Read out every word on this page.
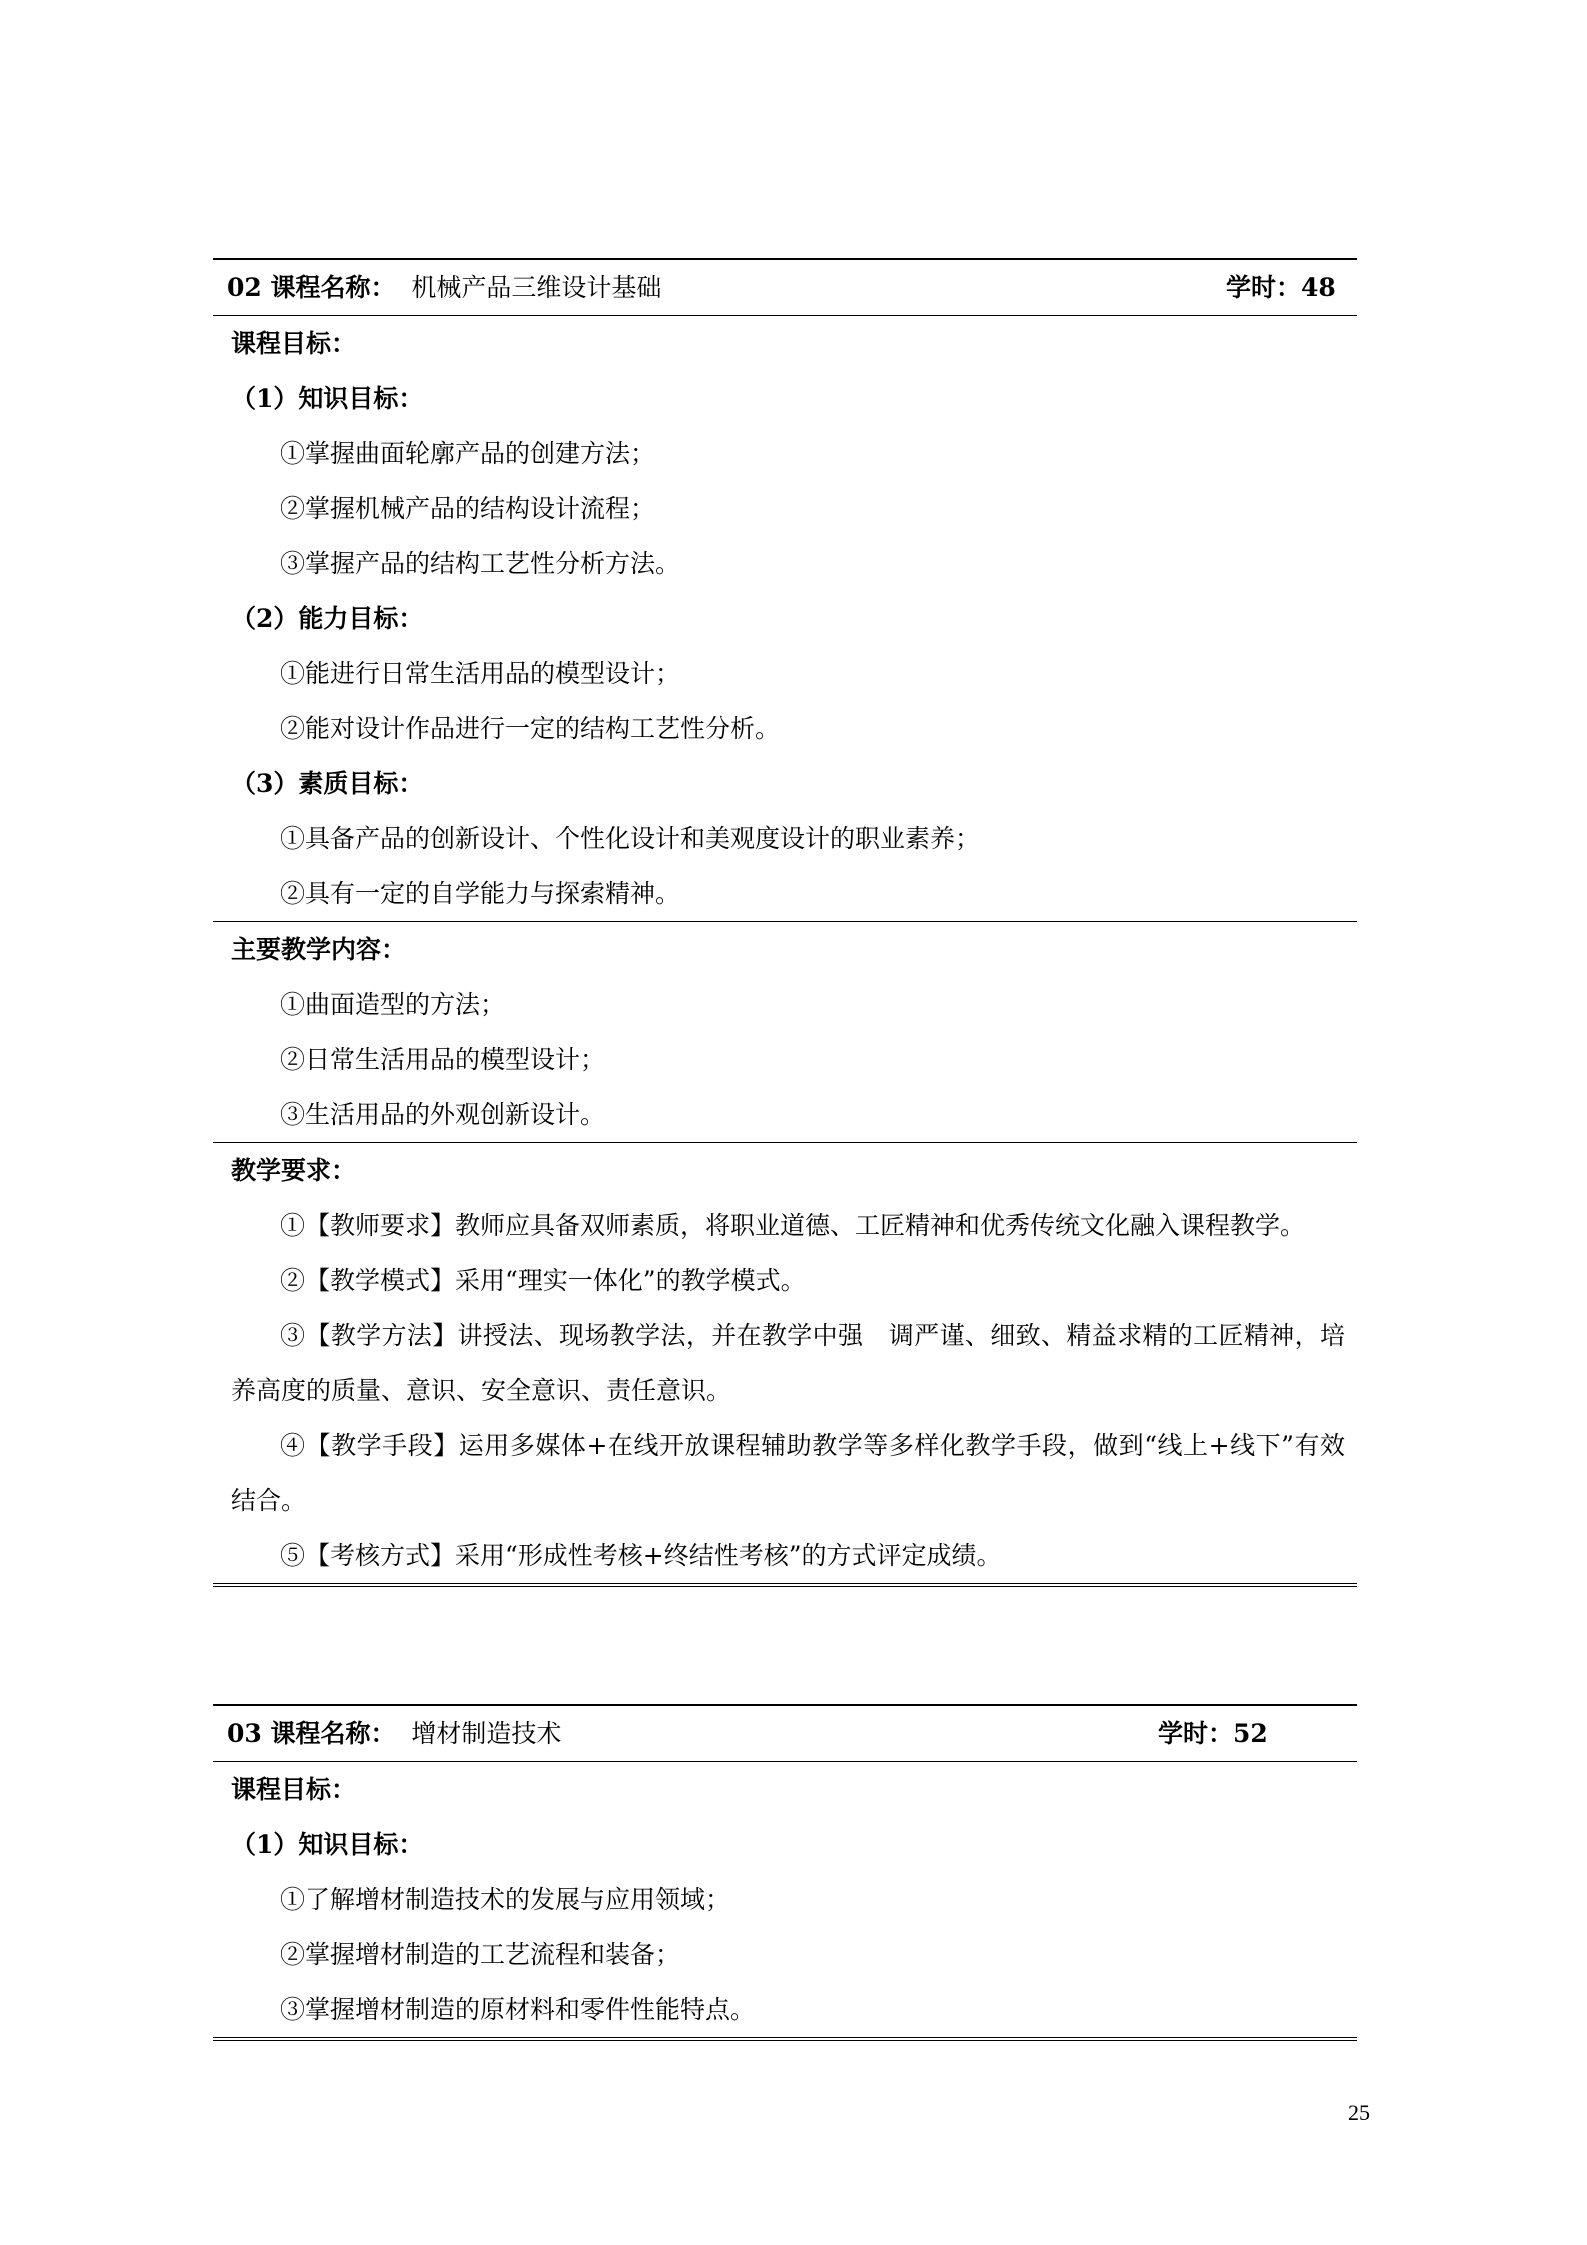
02 课程名称： 机械产品三维设计基础	学时：48
课程目标：
（1）知识目标：
①掌握曲面轮廓产品的创建方法；
②掌握机械产品的结构设计流程；
③掌握产品的结构工艺性分析方法。
（2）能力目标：
①能进行日常生活用品的模型设计；
②能对设计作品进行一定的结构工艺性分析。
（3）素质目标：
①具备产品的创新设计、个性化设计和美观度设计的职业素养；
②具有一定的自学能力与探索精神。
主要教学内容：
①曲面造型的方法；
②日常生活用品的模型设计；
③生活用品的外观创新设计。
教学要求：
①【教师要求】教师应具备双师素质，将职业道德、工匠精神和优秀传统文化融入课程教学。
②【教学模式】采用“理实一体化”的教学模式。
③【教学方法】讲授法、现场教学法，并在教学中强　调严谨、细致、精益求精的工匠精神，培养高度的质量、意识、安全意识、责任意识。
④【教学手段】运用多媒体+在线开放课程辅助教学等多样化教学手段，做到“线上+线下”有效结合。
⑤【考核方式】采用“形成性考核+终结性考核”的方式评定成绩。
03 课程名称： 增材制造技术	学时：52
课程目标：
（1）知识目标：
①了解增材制造技术的发展与应用领域；
②掌握增材制造的工艺流程和装备；
③掌握增材制造的原材料和零件性能特点。
25
